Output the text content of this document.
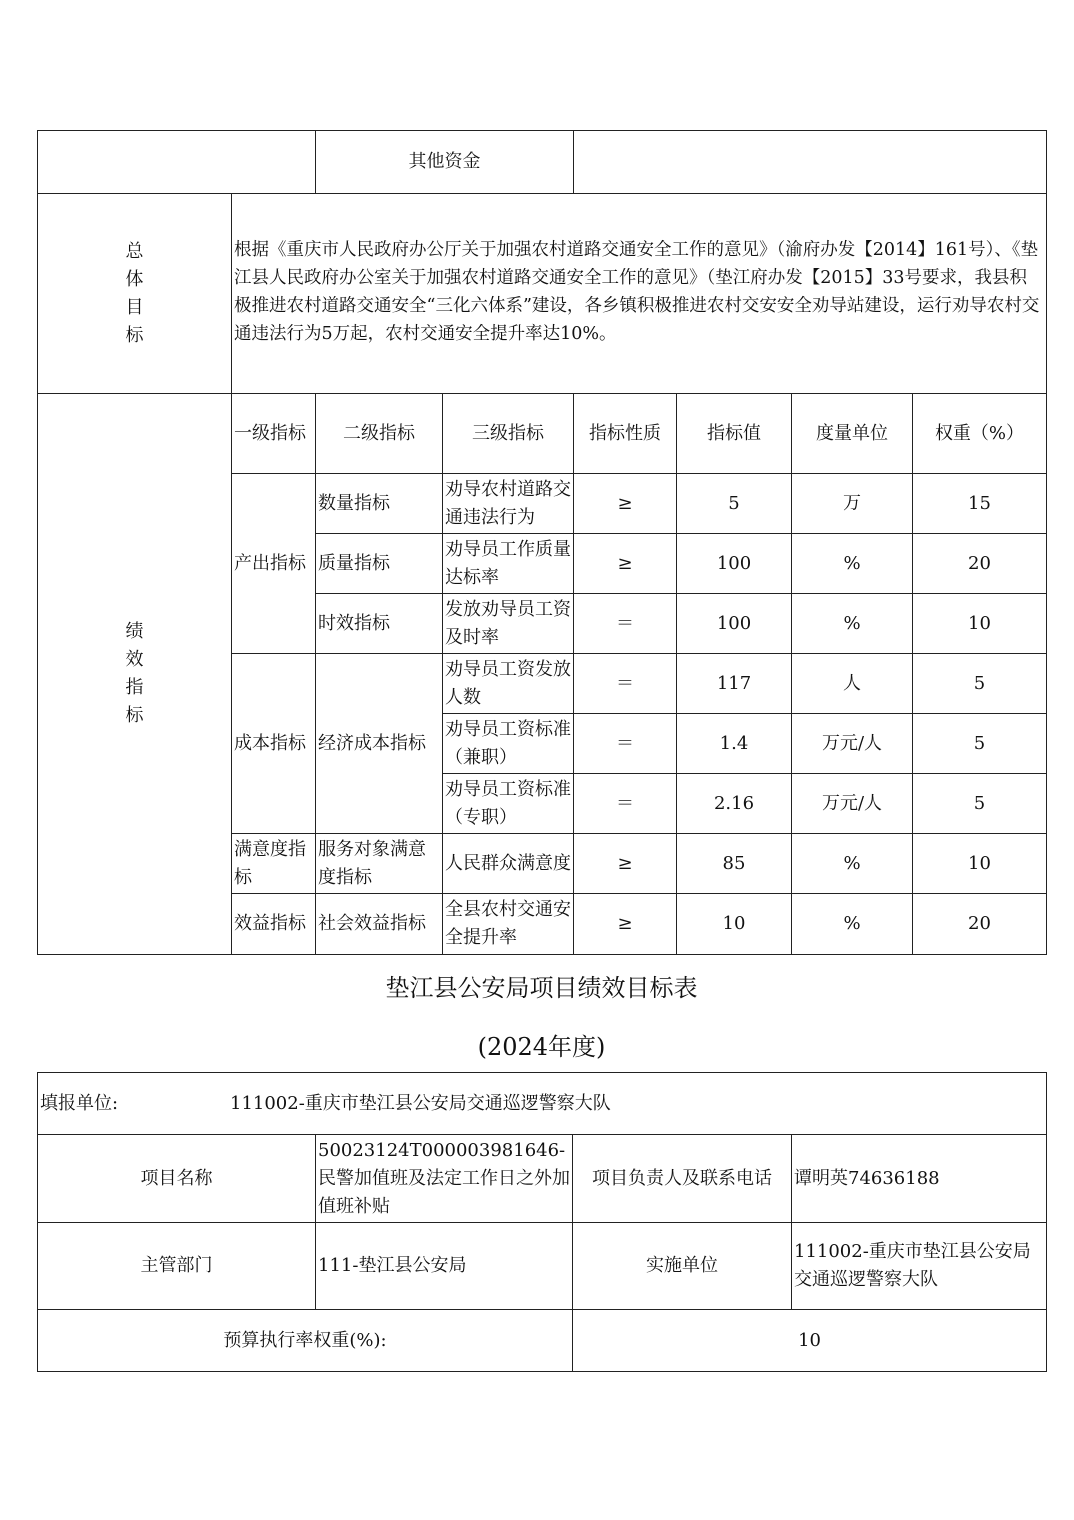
		其他资金					

总
体
目
标	根据《重庆市人民政府办公厅关于加强农村道路交通安全工作的意见》（渝府办发【2014】161号）、《垫江县人民政府办公室关于加强农村道路交通安全工作的意见》（垫江府办发【2015】33号要求，我县积极推进农村道路交通安全“三化六体系”建设，各乡镇积极推进农村交安安全劝导站建设，运行劝导农村交通违法行为5万起，农村交通安全提升率达10%。						

绩
效
指
标	一级指标	二级指标	三级指标	指标性质	指标值	度量单位	权重（%）
	产出指标	数量指标	劝导农村道路交通违法行为	≥	5	万	15
		质量指标	劝导员工作质量达标率	≥	100	%	20
		时效指标	发放劝导员工资及时率	＝	100	%	10
	成本指标	经济成本指标	劝导员工资发放人数	＝	117	人	5
			劝导员工资标准（兼职）	＝	1.4	万元/人	5
			劝导员工资标准（专职）	＝	2.16	万元/人	5
	满意度指标	服务对象满意度指标	人民群众满意度	≥	85	%	10
	效益指标	社会效益指标	全县农村交通安全提升率	≥	10	%	20
垫江县公安局项目绩效目标表
(2024年度)
填报单位: 111002-重庆市垫江县公安局交通巡逻警察大队			
项目名称	50023124T000003981646-民警加值班及法定工作日之外加值班补贴	项目负责人及联系电话	谭明英74636188
主管部门	111-垫江县公安局	实施单位	111002-重庆市垫江县公安局交通巡逻警察大队
预算执行率权重(%):		10	
